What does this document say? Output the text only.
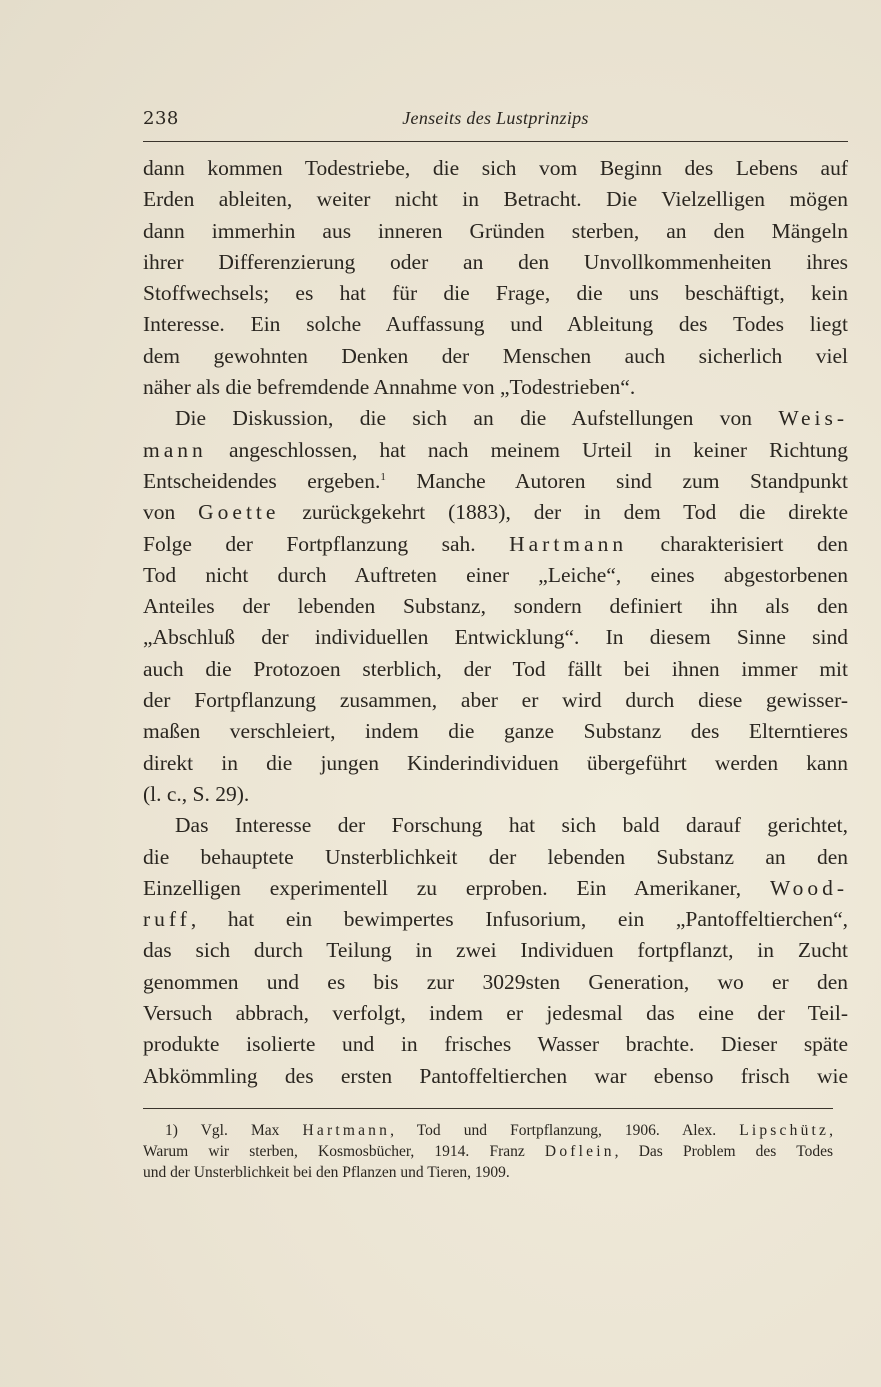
238	Jenseits des Lustprinzips
dann kommen Todestriebe, die sich vom Beginn des Lebens auf
Erden ableiten, weiter nicht in Betracht. Die Vielzelligen mögen
dann immerhin aus inneren Gründen sterben, an den Mängeln
ihrer Differenzierung oder an den Unvollkommenheiten ihres
Stoffwechsels; es hat für die Frage, die uns beschäftigt, kein
Interesse. Ein solche Auffassung und Ableitung des Todes liegt
dem gewohnten Denken der Menschen auch sicherlich viel
näher als die befremdende Annahme von „Todestrieben“.
Die Diskussion, die sich an die Aufstellungen von Weis-
mann angeschlossen, hat nach meinem Urteil in keiner Richtung
Entscheidendes ergeben.$^1$ Manche Autoren sind zum Standpunkt
von Goette zurückgekehrt (1883), der in dem Tod die direkte
Folge der Fortpflanzung sah. Hartmann charakterisiert den
Tod nicht durch Auftreten einer „Leiche“, eines abgestorbenen
Anteiles der lebenden Substanz, sondern definiert ihn als den
„Abschluß der individuellen Entwicklung“. In diesem Sinne sind
auch die Protozoen sterblich, der Tod fällt bei ihnen immer mit
der Fortpflanzung zusammen, aber er wird durch diese gewisser-
maßen verschleiert, indem die ganze Substanz des Elterntieres
direkt in die jungen Kinderindividuen übergeführt werden kann
(l. c., S. 29).
Das Interesse der Forschung hat sich bald darauf gerichtet,
die behauptete Unsterblichkeit der lebenden Substanz an den
Einzelligen experimentell zu erproben. Ein Amerikaner, Wood-
ruff, hat ein bewimpertes Infusorium, ein „Pantoffeltierchen“,
das sich durch Teilung in zwei Individuen fortpflanzt, in Zucht
genommen und es bis zur 3029sten Generation, wo er den
Versuch abbrach, verfolgt, indem er jedesmal das eine der Teil-
produkte isolierte und in frisches Wasser brachte. Dieser späte
Abkömmling des ersten Pantoffeltierchen war ebenso frisch wie
1) Vgl. Max Hartmann, Tod und Fortpflanzung, 1906. Alex. Lipschütz,
Warum wir sterben, Kosmosbücher, 1914. Franz Doflein, Das Problem des Todes
und der Unsterblichkeit bei den Pflanzen und Tieren, 1909.
